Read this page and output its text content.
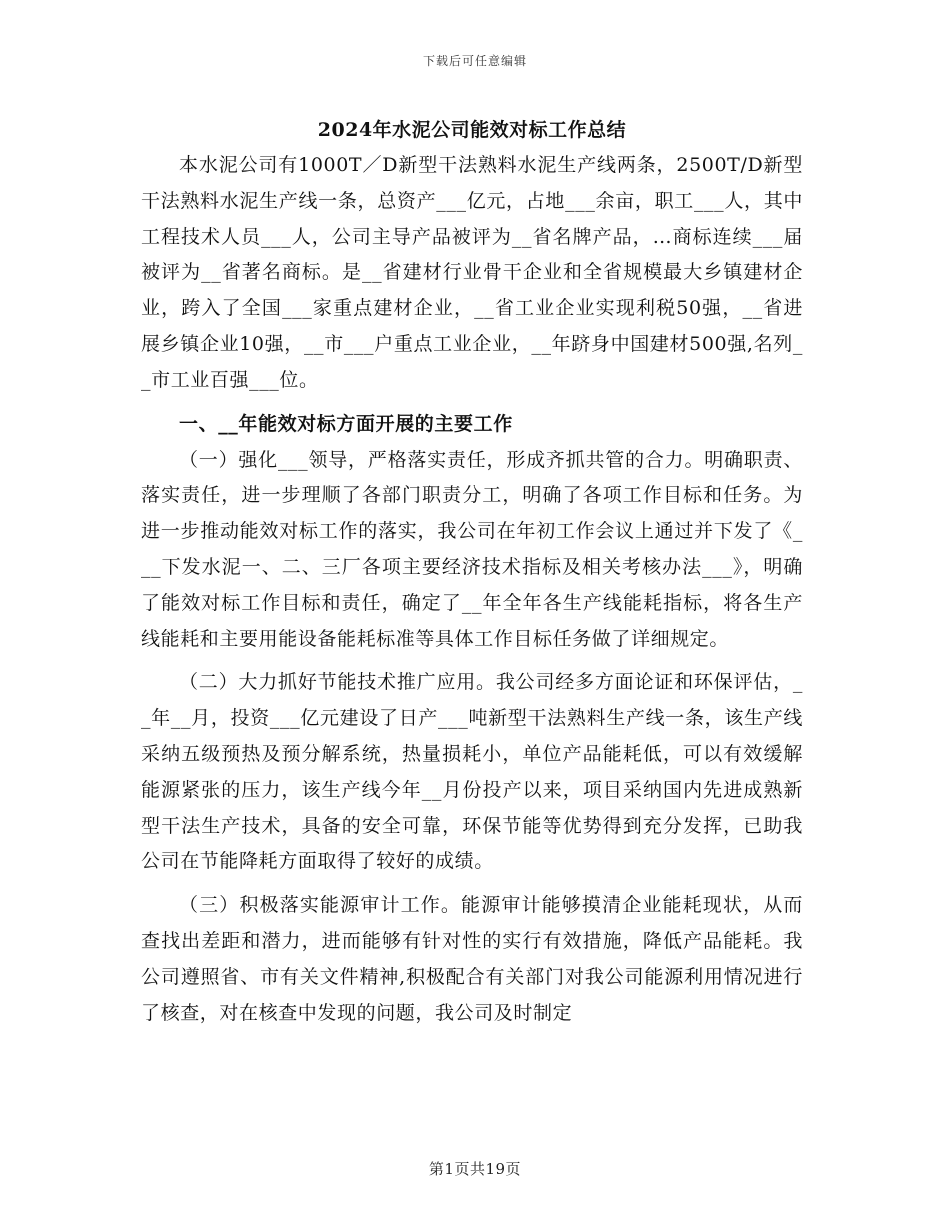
下载后可任意编辑
2024年水泥公司能效对标工作总结

本水泥公司有1000T／D新型干法熟料水泥生产线两条，2500T/D新型干法熟料水泥生产线一条，总资产___亿元，占地___余亩，职工___人，其中工程技术人员___人，公司主导产品被评为__省名牌产品，…商标连续___届被评为__省著名商标。是__省建材行业骨干企业和全省规模最大乡镇建材企业，跨入了全国___家重点建材企业，__省工业企业实现利税50强，__省进展乡镇企业10强，__市___户重点工业企业，__年跻身中国建材500强,名列__市工业百强___位。

一、__年能效对标方面开展的主要工作

（一）强化___领导，严格落实责任，形成齐抓共管的合力。明确职责、落实责任，进一步理顺了各部门职责分工，明确了各项工作目标和任务。为进一步推动能效对标工作的落实，我公司在年初工作会议上通过并下发了《___下发水泥一、二、三厂各项主要经济技术指标及相关考核办法___》，明确了能效对标工作目标和责任，确定了__年全年各生产线能耗指标，将各生产线能耗和主要用能设备能耗标准等具体工作目标任务做了详细规定。

（二）大力抓好节能技术推广应用。我公司经多方面论证和环保评估，__年__月，投资___亿元建设了日产___吨新型干法熟料生产线一条，该生产线采纳五级预热及预分解系统，热量损耗小，单位产品能耗低，可以有效缓解能源紧张的压力，该生产线今年__月份投产以来，项目采纳国内先进成熟新型干法生产技术，具备的安全可靠，环保节能等优势得到充分发挥，已助我公司在节能降耗方面取得了较好的成绩。

（三）积极落实能源审计工作。能源审计能够摸清企业能耗现状，从而查找出差距和潜力，进而能够有针对性的实行有效措施，降低产品能耗。我公司遵照省、市有关文件精神,积极配合有关部门对我公司能源利用情况进行了核查，对在核查中发现的问题，我公司及时制定

第1页共19页
